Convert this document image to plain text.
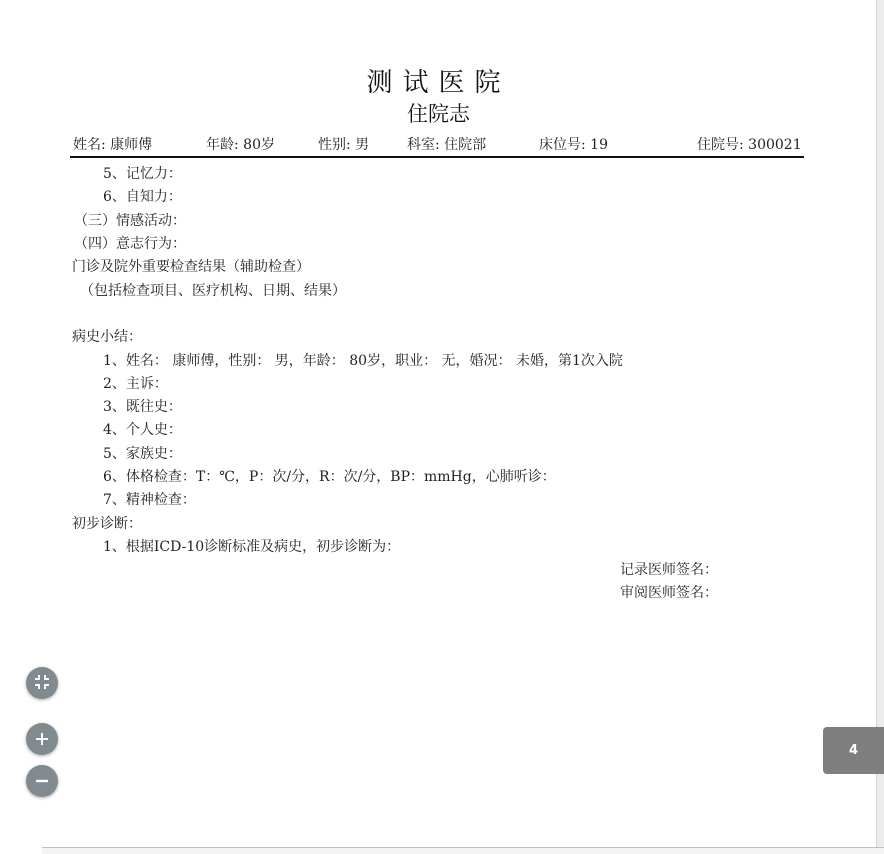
测试医院
住院志
姓名: 康师傅	年龄: 80岁	性别: 男	科室: 住院部	床位号: 19	住院号: 300021
5、记忆力：
6、自知力：
（三）情感活动：
（四）意志行为：
门诊及院外重要检查结果（辅助检查）
（包括检查项目、医疗机构、日期、结果）
病史小结：
1、姓名： 康师傅，性别： 男，年龄： 80岁，职业： 无，婚况： 未婚，第1次入院
2、主诉：
3、既往史：
4、个人史：
5、家族史：
6、体格检查：T：℃，P：次/分，R：次/分，BP：mmHg，心肺听诊：
7、精神检查：
初步诊断：
1、根据ICD-10诊断标准及病史，初步诊断为：
记录医师签名：
审阅医师签名：
4
